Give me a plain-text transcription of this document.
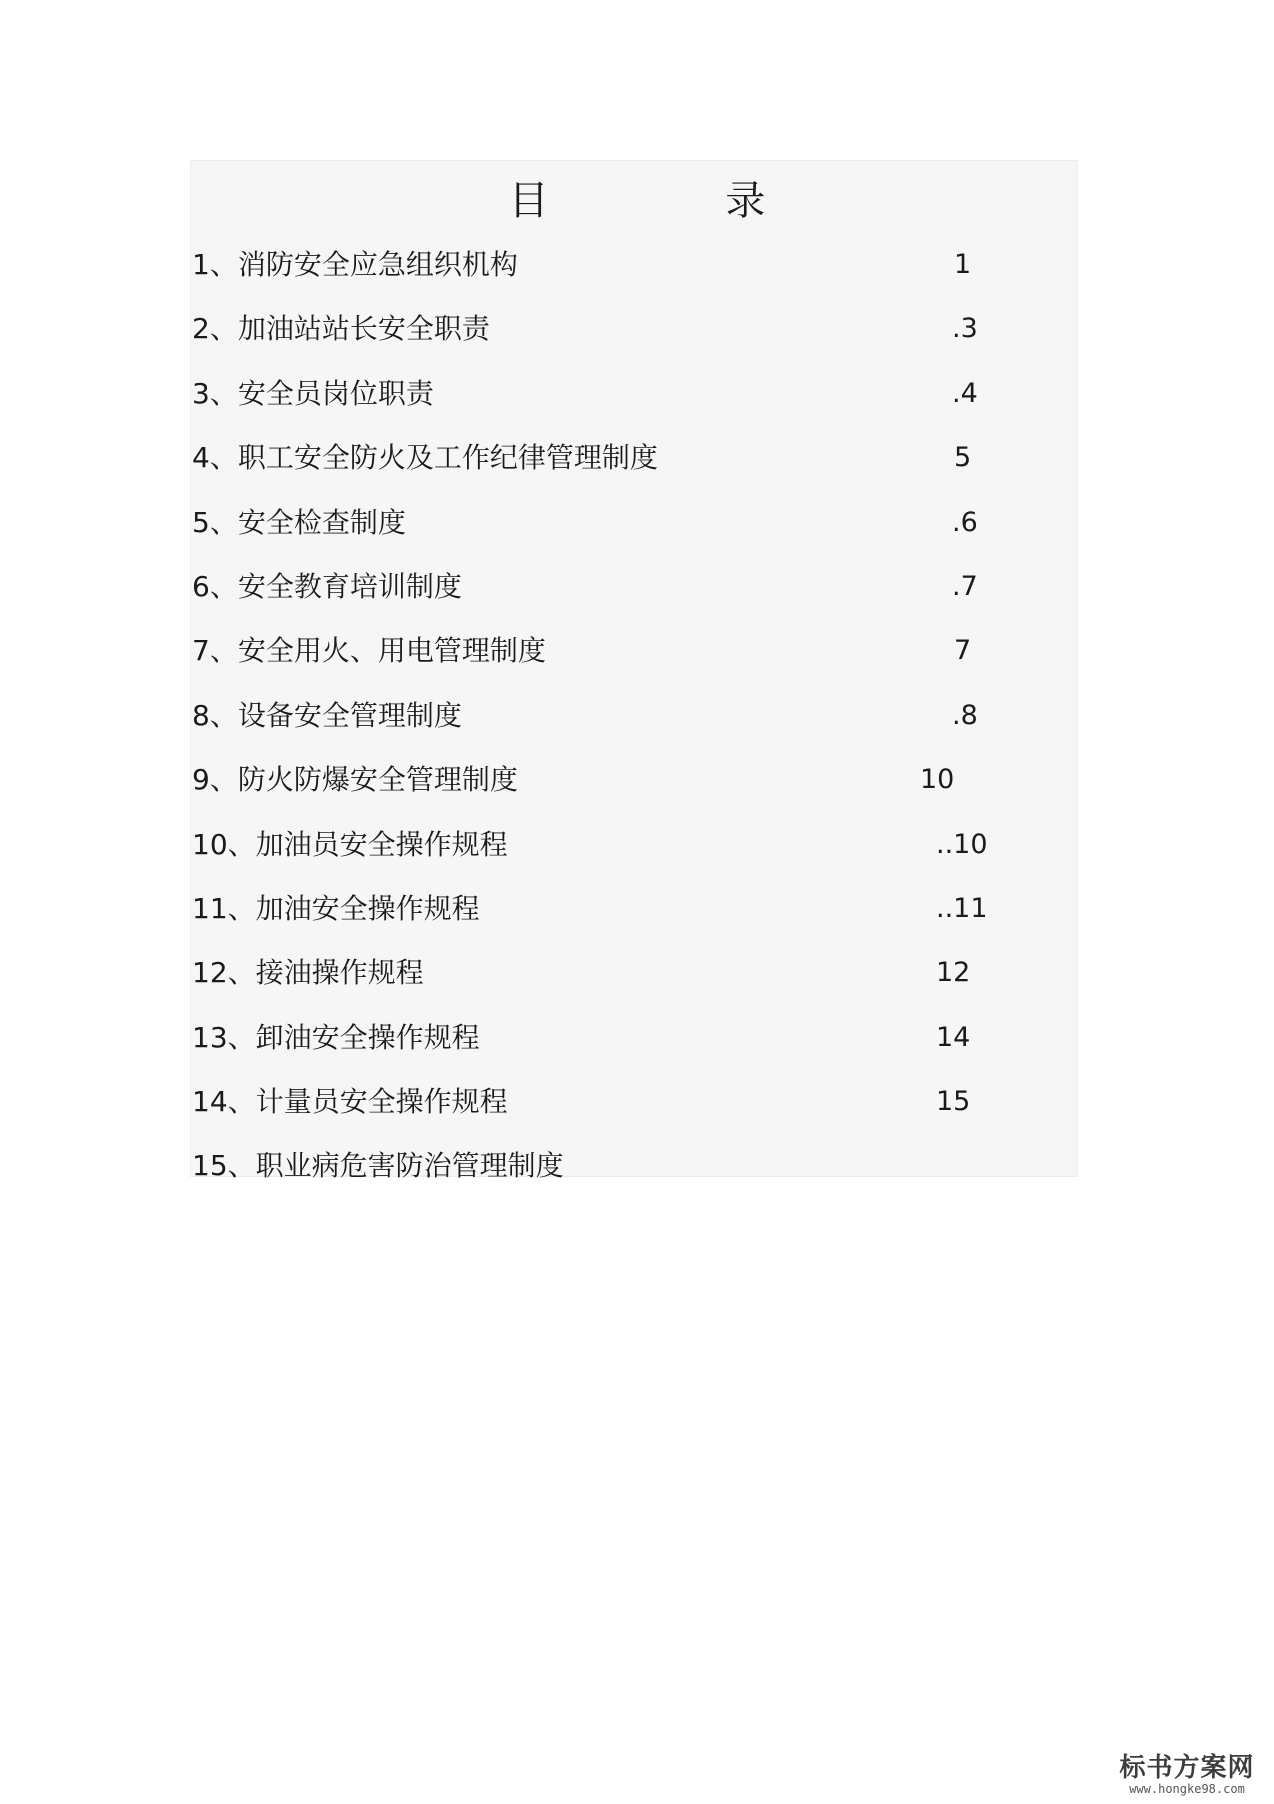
目 录
1、消防安全应急组织机构	1
2、加油站站长安全职责	.3
3、安全员岗位职责	.4
4、职工安全防火及工作纪律管理制度	5
5、安全检查制度	.6
6、安全教育培训制度	.7
7、安全用火、用电管理制度	7
8、设备安全管理制度	.8
9、防火防爆安全管理制度	10
10、加油员安全操作规程	..10
11、加油安全操作规程	..11
12、接油操作规程	12
13、卸油安全操作规程	14
14、计量员安全操作规程	15
15、职业病危害防治管理制度
标书方案网
www.hongke98.com
